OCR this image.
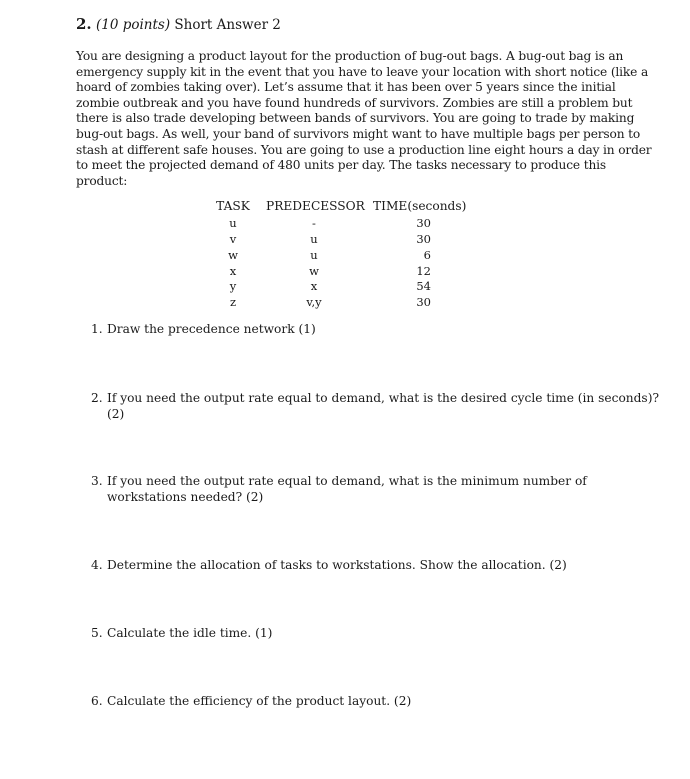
2. (10 points) Short Answer 2
You are designing a product layout for the production of bug-out bags. A bug-out bag is an
emergency supply kit in the event that you have to leave your location with short notice (like a
hoard of zombies taking over). Let’s assume that it has been over 5 years since the initial
zombie outbreak and you have found hundreds of survivors. Zombies are still a problem but
there is also trade developing between bands of survivors. You are going to trade by making
bug-out bags. As well, your band of survivors might want to have multiple bags per person to
stash at different safe houses. You are going to use a production line eight hours a day in order
to meet the projected demand of 480 units per day. The tasks necessary to produce this
product:
TASK PREDECESSOR TIME(seconds)
u	-	30
v	u	30
w	u	6
x	w	12
y	x	54
z	v,y	30
1. Draw the precedence network (1)
2. If you need the output rate equal to demand, what is the desired cycle time (in seconds)?
(2)
3. If you need the output rate equal to demand, what is the minimum number of
workstations needed? (2)
4. Determine the allocation of tasks to workstations. Show the allocation. (2)
5. Calculate the idle time. (1)
6. Calculate the efficiency of the product layout. (2)
